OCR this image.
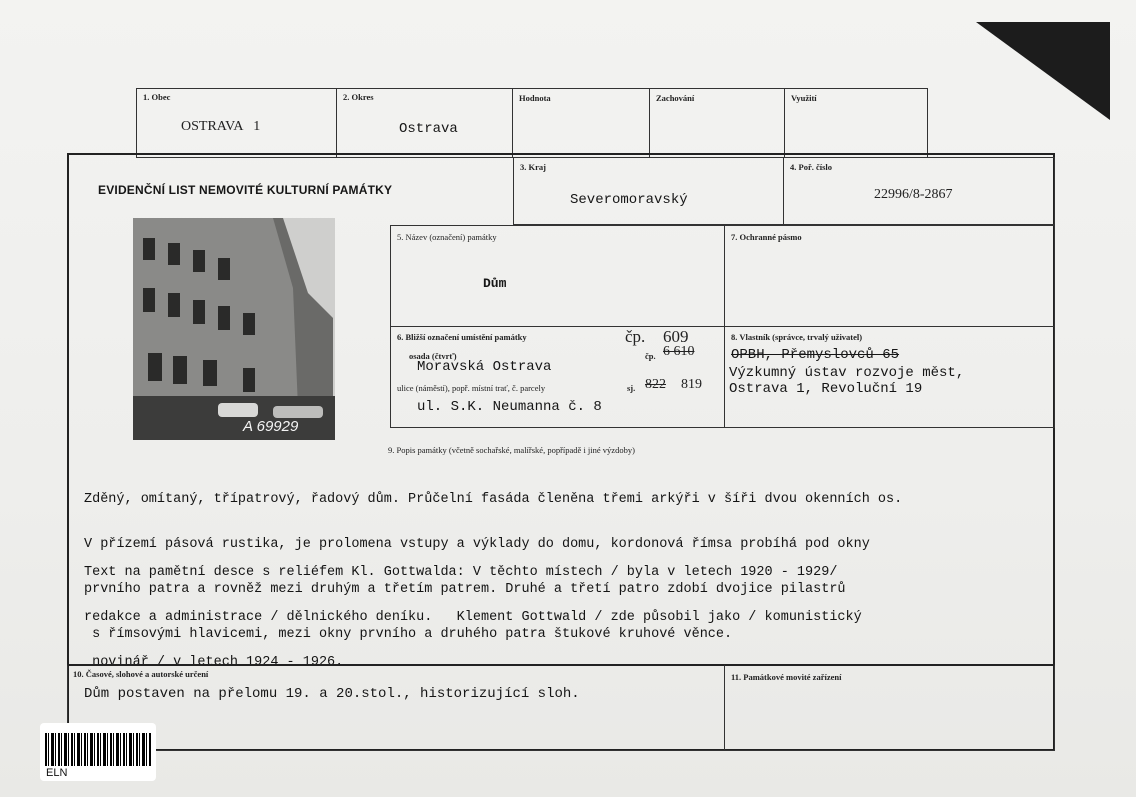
1. Obec
OSTRAVA   1
2. Okres
Ostrava
Hodnota	Zachování	Využití
EVIDENČNÍ LIST NEMOVITÉ KULTURNÍ PAMÁTKY
3. Kraj
Severomoravský
4. Poř. číslo
22996/8-2867
A 69929
5. Název (označení) památky
Dům
7. Ochranné pásmo
6. Bližší označení umístění památky	čp. 609
osada (čtvrť)	čp. 6 610
Moravská Ostrava
ulice (náměstí), popř. místní trať, č. parcely	sj. 822 819
ul. S.K. Neumanna č. 8
8. Vlastník (správce, trvalý uživatel)
OPBH, Přemyslovců 65
Výzkumný ústav rozvoje měst,
Ostrava 1, Revoluční 19
9. Popis památky (včetně sochařské, malířské, popřípadě i jiné výzdoby)

Zděný, omítaný, třípatrový, řadový dům. Průčelní fasáda členěna třemi arkýři v šíři dvou okenních os.

V přízemí pásová rustika, je prolomena vstupy a výklady do domu, kordonová římsa probíhá pod okny

prvního patra a rovněž mezi druhým a třetím patrem. Druhé a třetí patro zdobí dvojice pilastrů

s římsovými hlavicemi, mezi okny prvního a druhého patra štukové kruhové věnce.

Text na pamětní desce s reliéfem Kl. Gottwalda: V těchto místech / byla v letech 1920 - 1929/

redakce a administrace / dělnického deníku.   Klement Gottwald / zde působil jako / komunistický

novinář / v letech 1924 - 1926.

10. Časové, slohové a autorské určení
Dům postaven na přelomu 19. a 20.stol., historizující sloh.
11. Památkové movité zařízení
ELN
